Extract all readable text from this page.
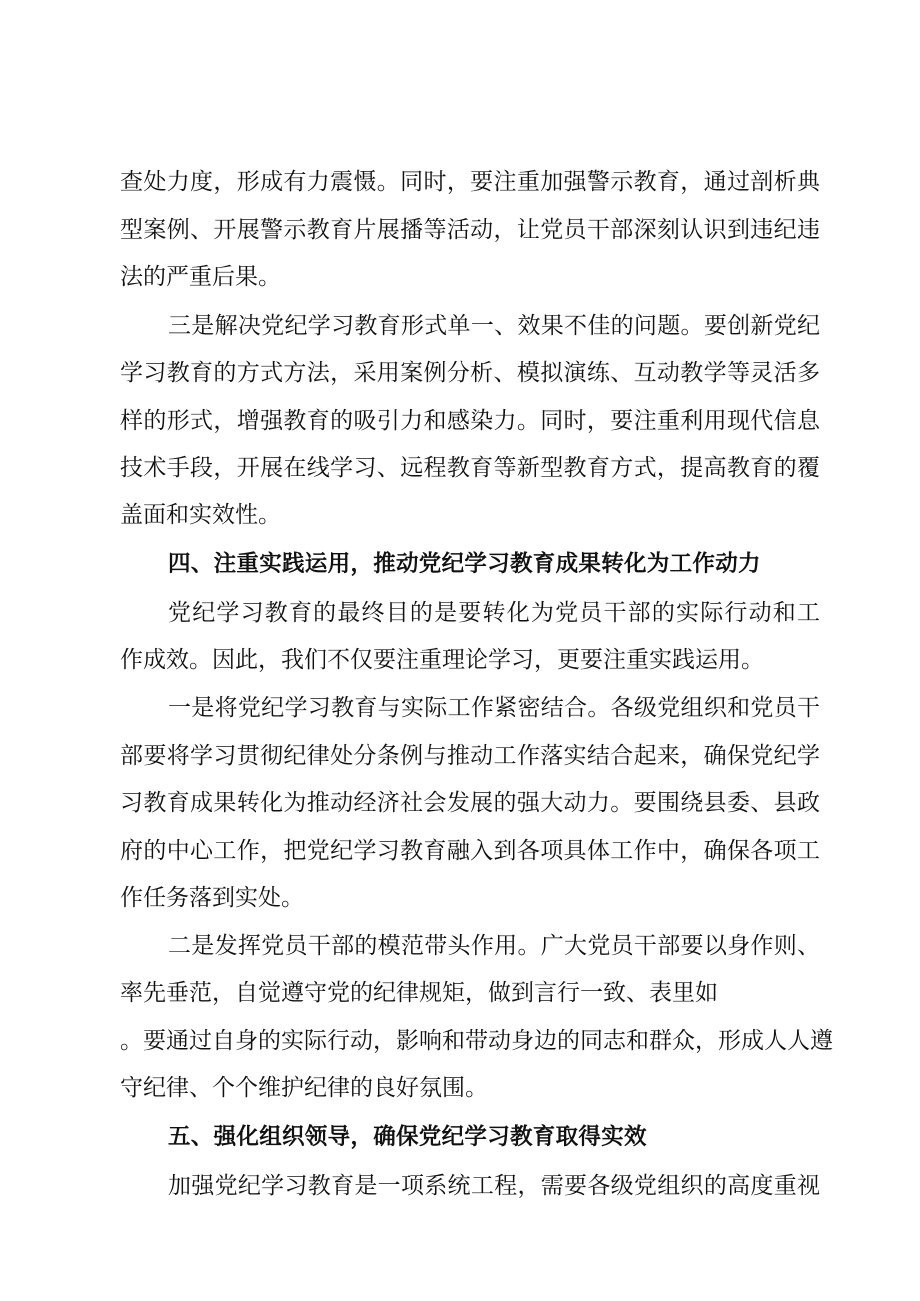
查处力度，形成有力震慑。同时，要注重加强警示教育，通过剖析典
型案例、开展警示教育片展播等活动，让党员干部深刻认识到违纪违
法的严重后果。
三是解决党纪学习教育形式单一、效果不佳的问题。要创新党纪
学习教育的方式方法，采用案例分析、模拟演练、互动教学等灵活多
样的形式，增强教育的吸引力和感染力。同时，要注重利用现代信息
技术手段，开展在线学习、远程教育等新型教育方式，提高教育的覆
盖面和实效性。
四、注重实践运用，推动党纪学习教育成果转化为工作动力
党纪学习教育的最终目的是要转化为党员干部的实际行动和工
作成效。因此，我们不仅要注重理论学习，更要注重实践运用。
一是将党纪学习教育与实际工作紧密结合。各级党组织和党员干
部要将学习贯彻纪律处分条例与推动工作落实结合起来，确保党纪学
习教育成果转化为推动经济社会发展的强大动力。要围绕县委、县政
府的中心工作，把党纪学习教育融入到各项具体工作中，确保各项工
作任务落到实处。
二是发挥党员干部的模范带头作用。广大党员干部要以身作则、
率先垂范，自觉遵守党的纪律规矩，做到言行一致、表里如
。要通过自身的实际行动，影响和带动身边的同志和群众，形成人人遵
守纪律、个个维护纪律的良好氛围。
五、强化组织领导，确保党纪学习教育取得实效
加强党纪学习教育是一项系统工程，需要各级党组织的高度重视
